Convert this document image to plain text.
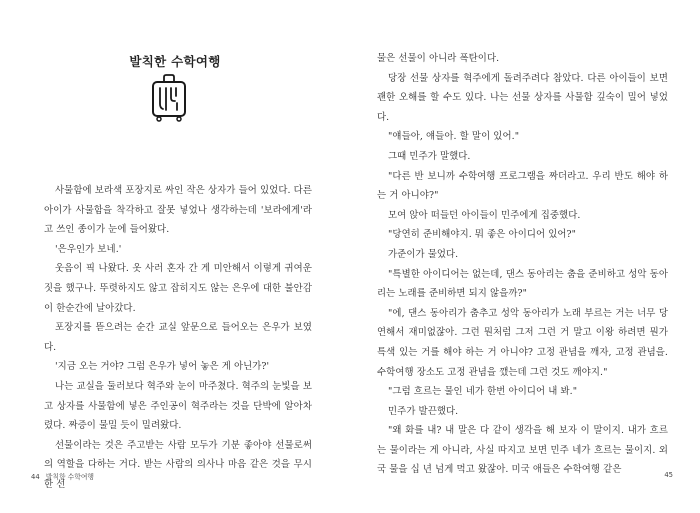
발칙한 수학여행

사물함에 보라색 포장지로 싸인 작은 상자가 들어 있었다. 다른 아이가 사물함을 착각하고 잘못 넣었나 생각하는데 '보라에게'라고 쓰인 종이가 눈에 들어왔다.

'은우인가 보네.'

웃음이 픽 나왔다. 옷 사러 혼자 간 게 미안해서 이렇게 귀여운 짓을 했구나. 뚜렷하지도 않고 잡히지도 않는 은우에 대한 불안감이 한순간에 날아갔다.

포장지를 뜯으려는 순간 교실 앞문으로 들어오는 은우가 보였다.

'지금 오는 거야? 그럼 은우가 넣어 놓은 게 아닌가?'

나는 교실을 둘러보다 혁주와 눈이 마주쳤다. 혁주의 눈빛을 보고 상자를 사물함에 넣은 주인공이 혁주라는 것을 단박에 알아차렸다. 짜증이 물밀 듯이 밀려왔다.

선물이라는 것은 주고받는 사람 모두가 기분 좋아야 선물로써의 역할을 다하는 거다. 받는 사람의 의사나 마음 같은 것을 무시한 선

44 발칙한 수학여행

물은 선물이 아니라 폭탄이다.

당장 선물 상자를 혁주에게 돌려주려다 참았다. 다른 아이들이 보면 괜한 오해를 할 수도 있다. 나는 선물 상자를 사물함 깊숙이 밀어 넣었다.

"얘들아, 얘들아. 할 말이 있어."

그때 민주가 말했다.

"다른 반 보니까 수학여행 프로그램을 짜더라고. 우리 반도 해야 하는 거 아니야?"

모여 앉아 떠들던 아이들이 민주에게 집중했다.

"당연히 준비해야지. 뭐 좋은 아이디어 있어?"

가준이가 물었다.

"특별한 아이디어는 없는데, 댄스 동아리는 춤을 준비하고 성악 동아리는 노래를 준비하면 되지 않을까?"

"에, 댄스 동아리가 춤추고 성악 동아리가 노래 부르는 거는 너무 당연해서 재미없잖아. 그런 뭔처럼 그저 그런 거 말고 이왕 하려면 뭔가 특색 있는 거를 해야 하는 거 아니야? 고정 관념을 깨자, 고정 관념을. 수학여행 장소도 고정 관념을 깼는데 그런 것도 깨야지."

"그럼 흐르는 물인 네가 한번 아이디어 내 봐."

민주가 발끈했다.

"왜 화를 내? 내 말은 다 같이 생각을 해 보자 이 말이지. 내가 흐르는 물이라는 게 아니라, 사실 따지고 보면 민주 네가 흐르는 물이지. 외국 물을 십 년 넘게 먹고 왔잖아. 미국 애들은 수학여행 같은	45
